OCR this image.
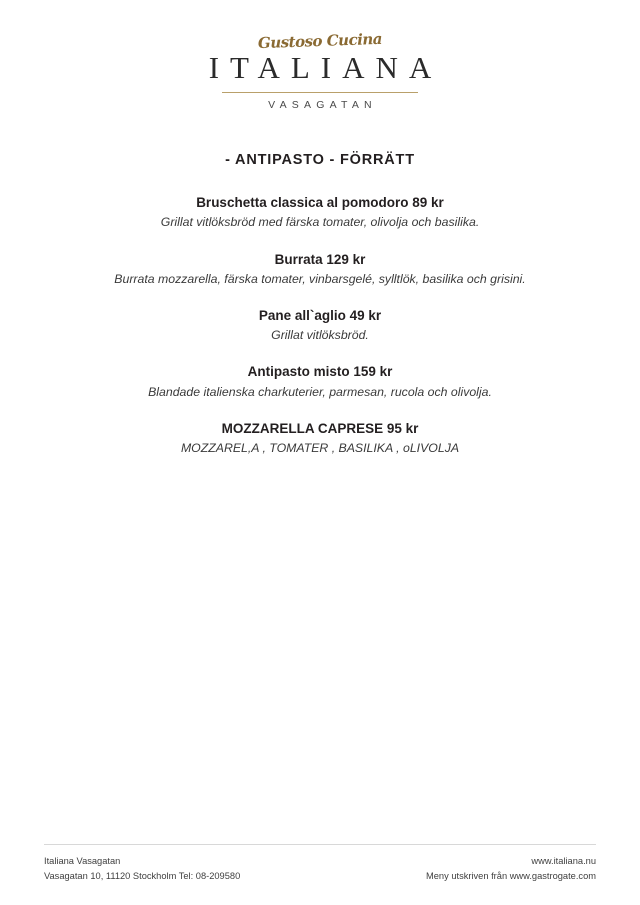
Gustoso Cucina
ITALIANA
VASAGATAN
- ANTIPASTO - FÖRRÄTT
Bruschetta classica al pomodoro 89 kr
Grillat vitlöksbröd med färska tomater, olivolja och basilika.
Burrata 129 kr
Burrata mozzarella, färska tomater, vinbarsgelé, sylltlök, basilika och grisini.
Pane all`aglio 49 kr
Grillat vitlöksbröd.
Antipasto misto 159 kr
Blandade italienska charkuterier, parmesan, rucola och olivolja.
MOZZARELLA CAPRESE 95 kr
MOZZAREL,A , TOMATER , BASILIKA , oLIVOLJA
Italiana Vasagatan
Vasagatan 10, 11120 Stockholm Tel: 08-209580
www.italiana.nu
Meny utskriven från www.gastrogate.com
